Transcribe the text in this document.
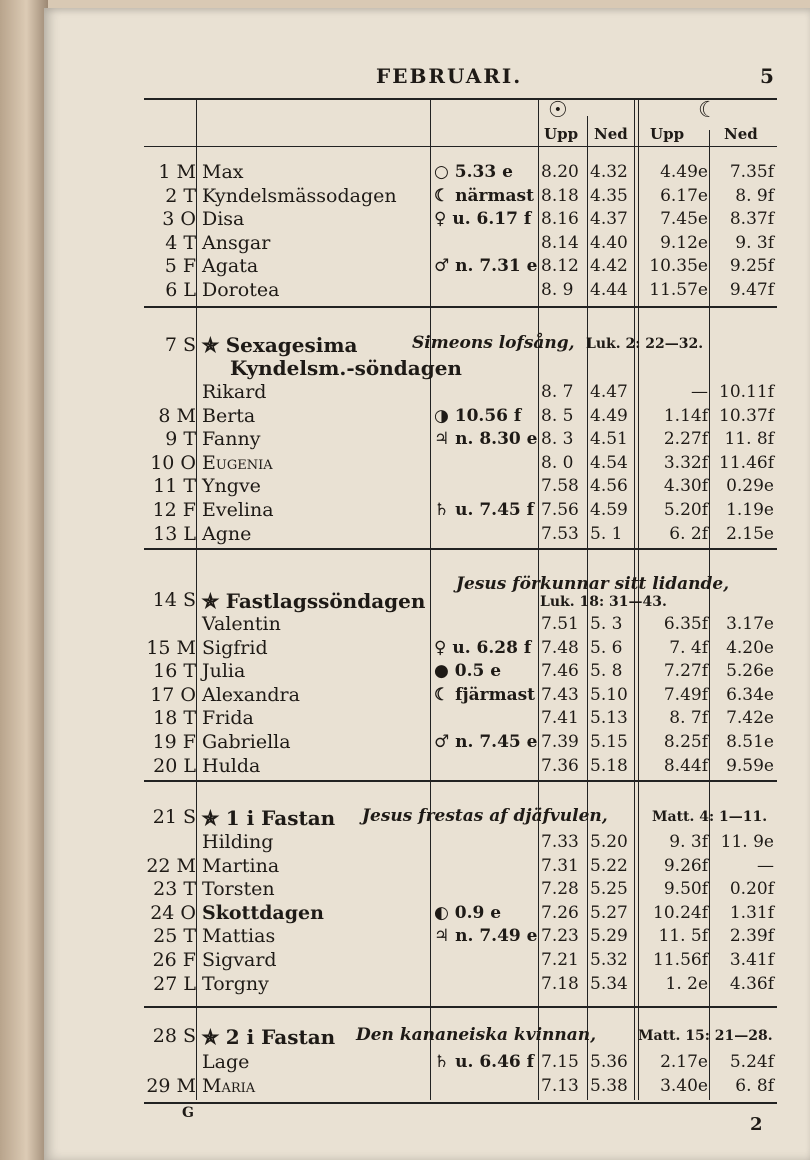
FEBRUARI.	5
☉	☾
Upp Ned Upp	Ned
1 M Max	○ 5.33 e 8.20 4.32	4.49e	7.35f
2 T Kyndelsmässodagen ☾ närmast 8.18 4.35	6.17e	8. 9f
3 O Disa	♀ u. 6.17 f 8.16 4.37	7.45e	8.37f
4 T Ansgar	8.14 4.40	9.12e	9. 3f
5 F Agata	♂ n. 7.31 e 8.12 4.42	10.35e	9.25f
6 L Dorotea	8. 9 4.44	11.57e	9.47f
7 S ✯ Sexagesima
Kyndelsm.-söndagen
Simeons lofsång, Luk. 2: 22—32.
Rikard	8. 7 4.47	— 10.11f
8 M Berta	◑ 10.56 f 8. 5 4.49	1.14f 10.37f
9 T Fanny	♃ n. 8.30 e 8. 3 4.51	2.27f 11. 8f
10 O Eugenia	8. 0 4.54	3.32f 11.46f
11 T Yngve	7.58 4.56	4.30f	0.29e
12 F Evelina	♄ u. 7.45 f 7.56 4.59	5.20f	1.19e
13 L Agne	7.53 5. 1	6. 2f	2.15e
Jesus förkunnar sitt lidande,
14 S ✯ Fastlagssöndagen	Luk. 18: 31—43.
Valentin	7.51 5. 3	6.35f	3.17e
15 M Sigfrid	♀ u. 6.28 f 7.48 5. 6	7. 4f	4.20e
16 T Julia	● 0.5 e 7.46 5. 8	7.27f	5.26e
17 O Alexandra	☾ fjärmast 7.43 5.10	7.49f	6.34e
18 T Frida	7.41 5.13	8. 7f	7.42e
19 F Gabriella	♂ n. 7.45 e 7.39 5.15	8.25f	8.51e
20 L Hulda	7.36 5.18	8.44f	9.59e
21 S ✯ 1 i Fastan Jesus frestas af djäfvulen,	Matt. 4: 1—11.
Hilding	7.33 5.20	9. 3f 11. 9e
22 M Martina	7.31 5.22	9.26f	—
23 T Torsten	7.28 5.25	9.50f	0.20f
24 O Skottdagen	◐ 0.9 e 7.26 5.27	10.24f	1.31f
25 T Mattias	♃ n. 7.49 e 7.23 5.29	11. 5f	2.39f
26 F Sigvard	7.21 5.32	11.56f	3.41f
27 L Torgny	7.18 5.34	1. 2e	4.36f
28 S ✯ 2 i Fastan Den kananeiska kvinnan,	Matt. 15: 21—28.
Lage	♄ u. 6.46 f 7.15 5.36	2.17e	5.24f
29 M Maria	7.13 5.38	3.40e	6. 8f
G
2
